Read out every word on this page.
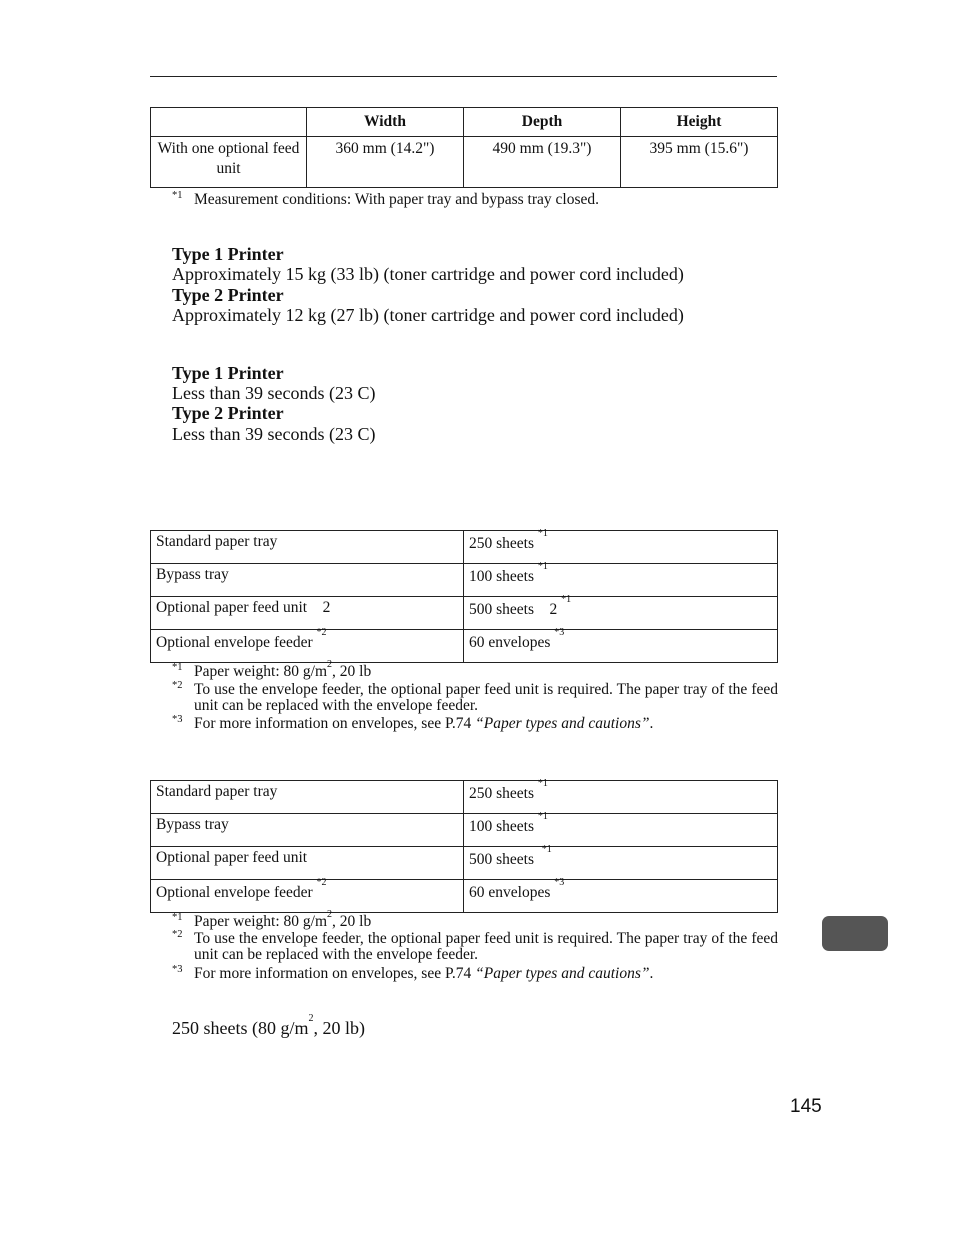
	Width	Depth	Height
With one optional feed unit	360 mm (14.2")	490 mm (19.3")	395 mm (15.6")
*1 Measurement conditions: With paper tray and bypass tray closed.
Type 1 Printer
Approximately 15 kg (33 lb) (toner cartridge and power cord included)
Type 2 Printer
Approximately 12 kg (27 lb) (toner cartridge and power cord included)
Type 1 Printer
Less than 39 seconds (23 C)
Type 2 Printer
Less than 39 seconds (23 C)
Standard paper tray	250 sheets $^{*1}$
Bypass tray	100 sheets $^{*1}$
Optional paper feed unit    2	500 sheets    2 $^{*1}$
Optional envelope feeder $^{*2}$	60 envelopes $^{*3}$
*1 Paper weight: 80 $g/m^2$, 20 lb
*2 To use the envelope feeder, the optional paper feed unit is required. The paper tray of the feed unit can be replaced with the envelope feeder.
*3 For more information on envelopes, see P.74 “Paper types and cautions”.
Standard paper tray	250 sheets $^{*1}$
Bypass tray	100 sheets $^{*1}$
Optional paper feed unit	500 sheets  $^{*1}$
Optional envelope feeder $^{*2}$	60 envelopes $^{*3}$
*1 Paper weight: 80 $g/m^2$, 20 lb
*2 To use the envelope feeder, the optional paper feed unit is required. The paper tray of the feed unit can be replaced with the envelope feeder.
*3 For more information on envelopes, see P.74 “Paper types and cautions”.
250 sheets (80 $g/m^2$, 20 lb)
145
